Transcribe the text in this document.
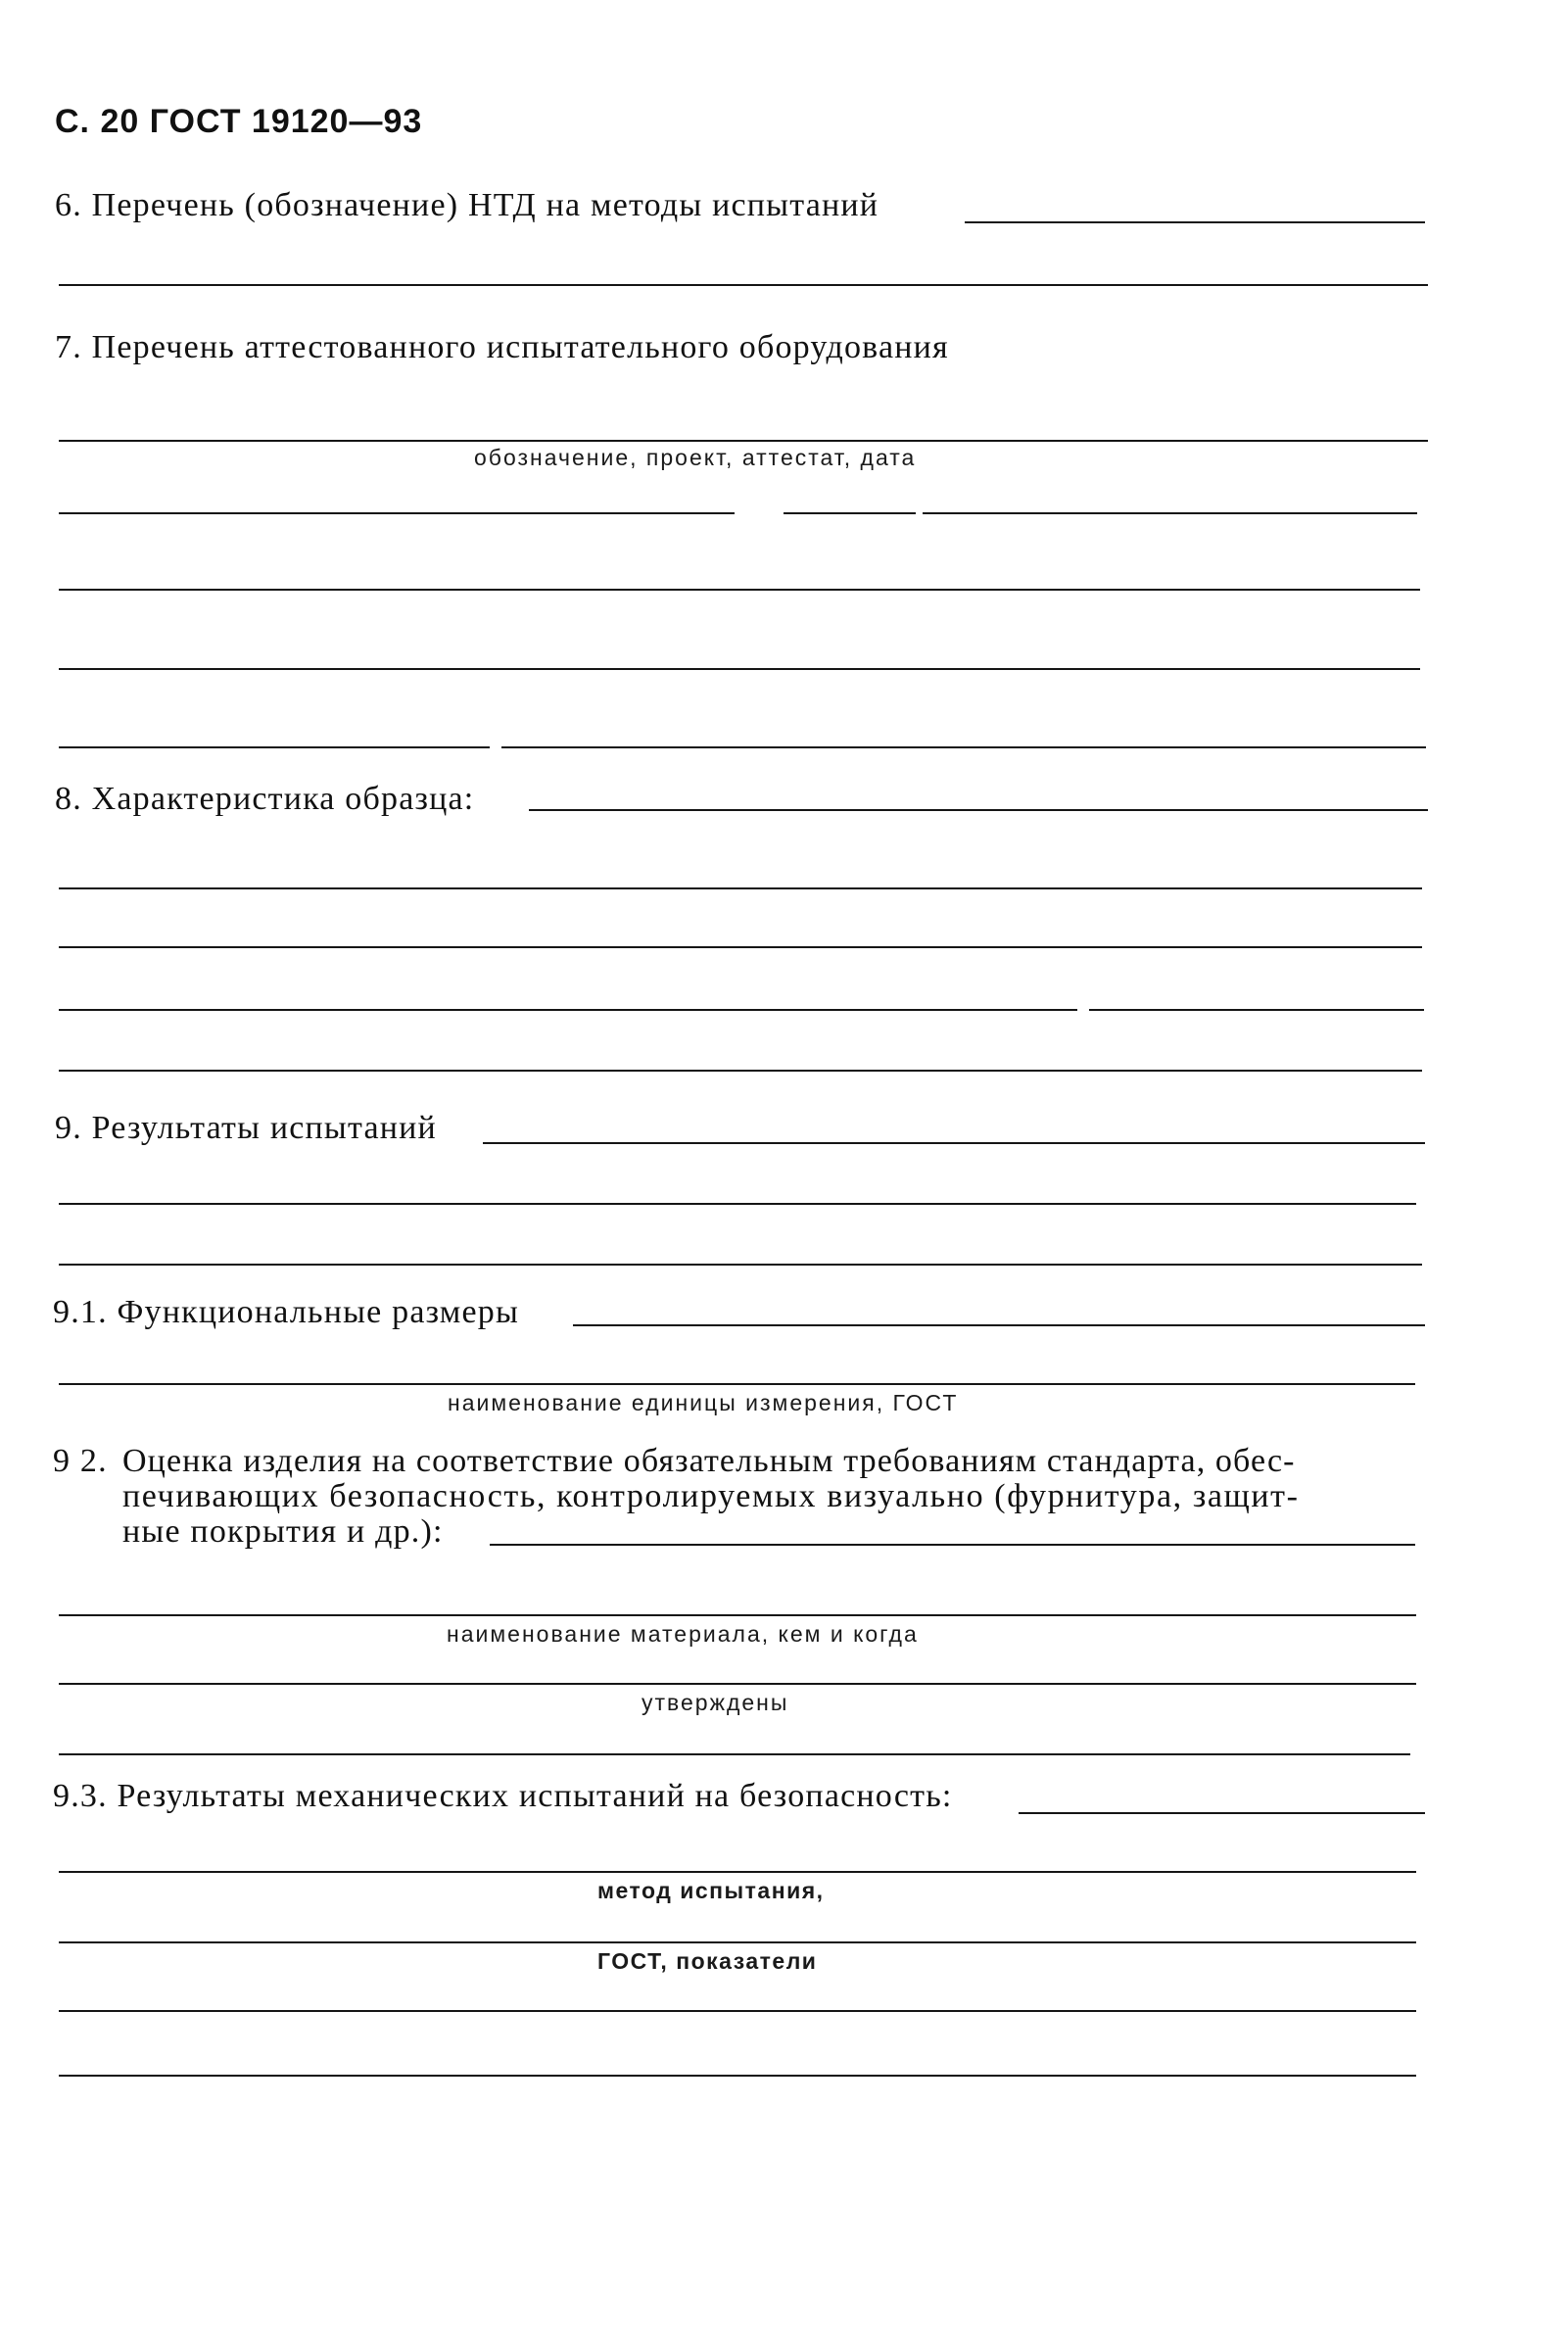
С. 20 ГОСТ 19120—93
6. Перечень (обозначение) НТД на методы испытаний
7. Перечень аттестованного испытательного оборудования
обозначение, проект, аттестат, дата
8. Характеристика образца:
9. Результаты испытаний
9.1. Функциональные размеры
наименование единицы измерения, ГОСТ
9 2. Оценка изделия на соответствие обязательным требованиям стандарта, обес-
печивающих безопасность, контролируемых визуально (фурнитура, защит-
ные покрытия и др.):
наименование материала, кем и когда
утверждены
9.3. Результаты механических испытаний на безопасность:
метод испытания,
ГОСТ, показатели
